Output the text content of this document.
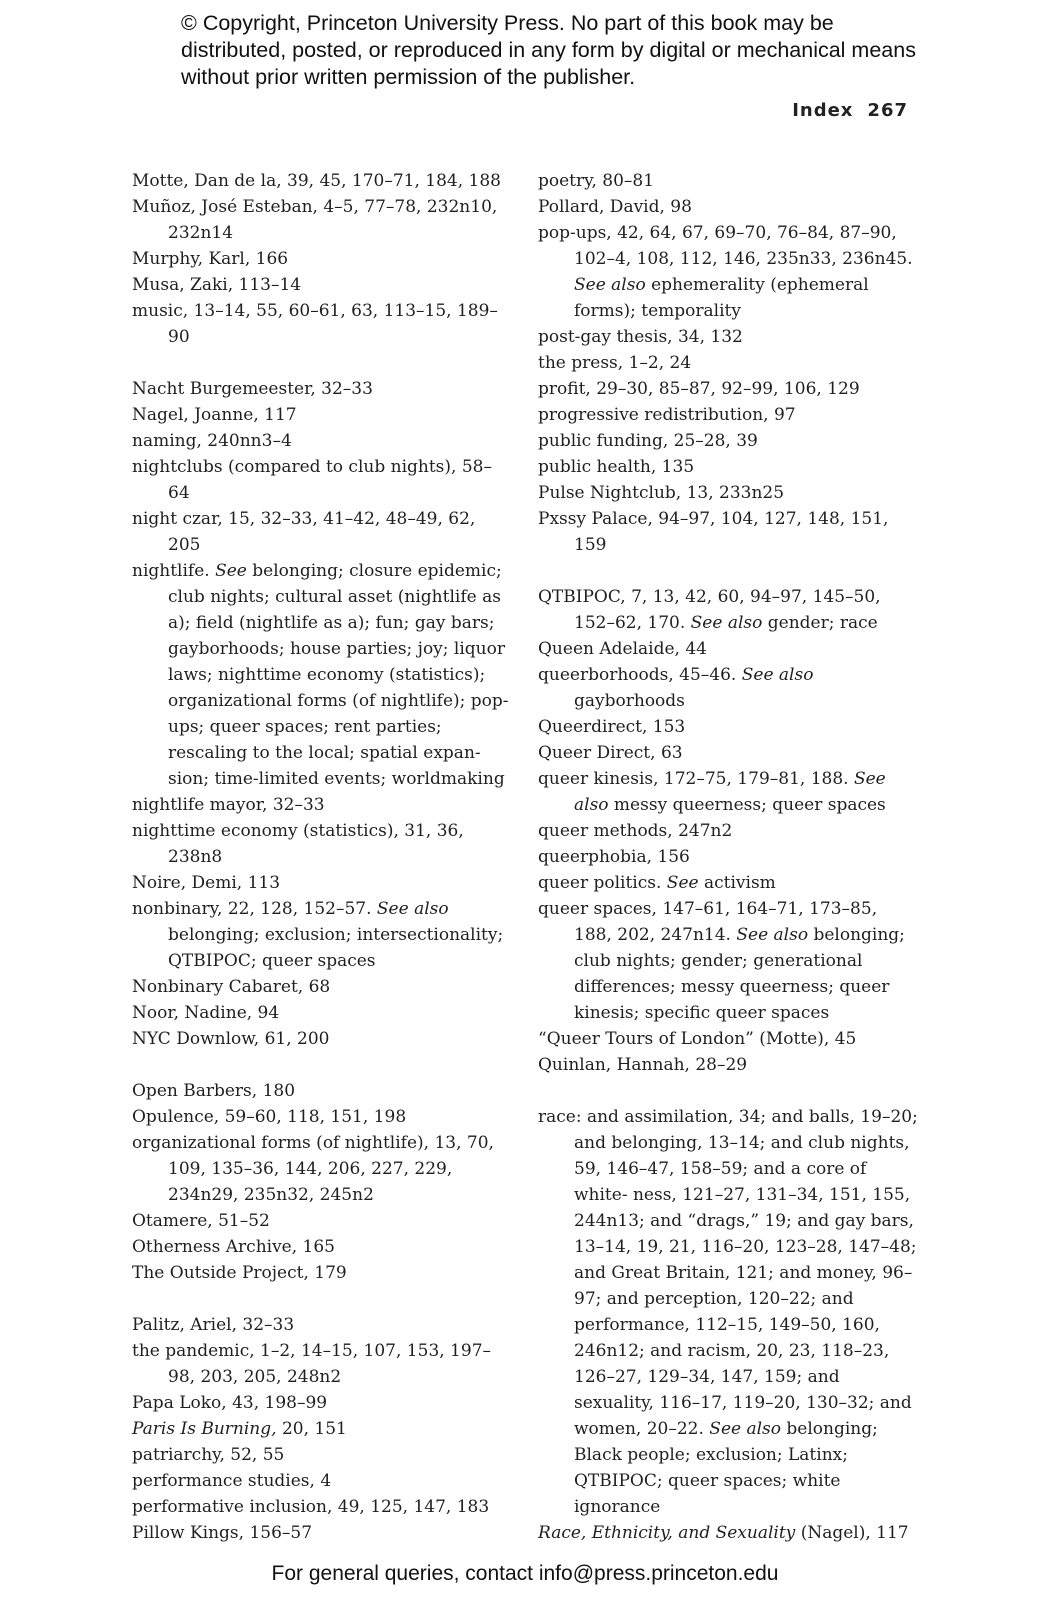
© Copyright, Princeton University Press. No part of this book may be distributed, posted, or reproduced in any form by digital or mechanical means without prior written permission of the publisher.
Index 267

Motte, Dan de la, 39, 45, 170–71, 184, 188

Muñoz, José Esteban, 4–5, 77–78, 232n10, 232n14

Murphy, Karl, 166

Musa, Zaki, 113–14

music, 13–14, 55, 60–61, 63, 113–15, 189–90

Nacht Burgemeester, 32–33

Nagel, Joanne, 117

naming, 240nn3–4

nightclubs (compared to club nights), 58–64

night czar, 15, 32–33, 41–42, 48–49, 62, 205

nightlife. See belonging; closure epidemic; club nights; cultural asset (nightlife as a); field (nightlife as a); fun; gay bars; gayborhoods; house parties; joy; liquor laws; nighttime economy (statistics); organizational forms (of nightlife); pop-ups; queer spaces; rent parties; rescaling to the local; spatial expan- sion; time-limited events; worldmaking

nightlife mayor, 32–33

nighttime economy (statistics), 31, 36, 238n8

Noire, Demi, 113

nonbinary, 22, 128, 152–57. See also belonging; exclusion; intersectionality; QTBIPOC; queer spaces

Nonbinary Cabaret, 68

Noor, Nadine, 94

NYC Downlow, 61, 200

Open Barbers, 180

Opulence, 59–60, 118, 151, 198

organizational forms (of nightlife), 13, 70, 109, 135–36, 144, 206, 227, 229, 234n29, 235n32, 245n2

Otamere, 51–52

Otherness Archive, 165

The Outside Project, 179

Palitz, Ariel, 32–33

the pandemic, 1–2, 14–15, 107, 153, 197–98, 203, 205, 248n2

Papa Loko, 43, 198–99

Paris Is Burning, 20, 151

patriarchy, 52, 55

performance studies, 4

performative inclusion, 49, 125, 147, 183

Pillow Kings, 156–57

poetry, 80–81

Pollard, David, 98

pop-ups, 42, 64, 67, 69–70, 76–84, 87–90, 102–4, 108, 112, 146, 235n33, 236n45. See also ephemerality (ephemeral forms); temporality

post-gay thesis, 34, 132

the press, 1–2, 24

profit, 29–30, 85–87, 92–99, 106, 129

progressive redistribution, 97

public funding, 25–28, 39

public health, 135

Pulse Nightclub, 13, 233n25

Pxssy Palace, 94–97, 104, 127, 148, 151, 159

QTBIPOC, 7, 13, 42, 60, 94–97, 145–50, 152–62, 170. See also gender; race

Queen Adelaide, 44

queerborhoods, 45–46. See also gayborhoods

Queerdirect, 153

Queer Direct, 63

queer kinesis, 172–75, 179–81, 188. See also messy queerness; queer spaces

queer methods, 247n2

queerphobia, 156

queer politics. See activism

queer spaces, 147–61, 164–71, 173–85, 188, 202, 247n14. See also belonging; club nights; gender; generational differences; messy queerness; queer kinesis; specific queer spaces

“Queer Tours of London” (Motte), 45

Quinlan, Hannah, 28–29

race: and assimilation, 34; and balls, 19–20; and belonging, 13–14; and club nights, 59, 146–47, 158–59; and a core of white- ness, 121–27, 131–34, 151, 155, 244n13; and “drags,” 19; and gay bars, 13–14, 19, 21, 116–20, 123–28, 147–48; and Great Britain, 121; and money, 96–97; and perception, 120–22; and performance, 112–15, 149–50, 160, 246n12; and racism, 20, 23, 118–23, 126–27, 129–34, 147, 159; and sexuality, 116–17, 119–20, 130–32; and women, 20–22. See also belonging; Black people; exclusion; Latinx; QTBIPOC; queer spaces; white ignorance

Race, Ethnicity, and Sexuality (Nagel), 117

For general queries, contact info@press.princeton.edu
